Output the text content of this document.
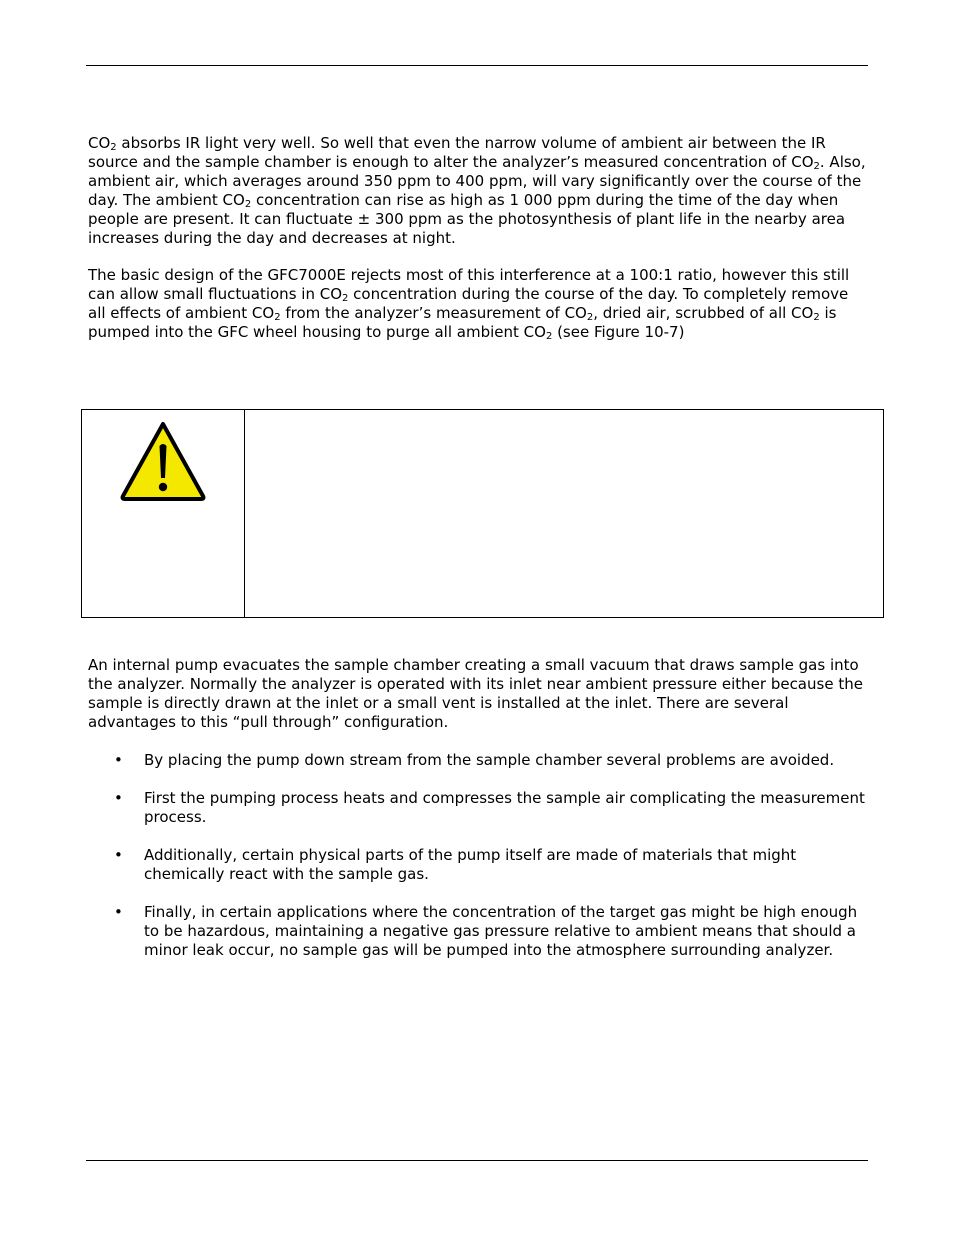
$CO_2$ absorbs IR light very well. So well that even the narrow volume of ambient air between the IR source and the sample chamber is enough to alter the analyzer’s measured concentration of $CO_2$. Also, ambient air, which averages around 350 ppm to 400 ppm, will vary significantly over the course of the day. The ambient $CO_2$ concentration can rise as high as 1 000 ppm during the time of the day when people are present. It can fluctuate ± 300 ppm as the photosynthesis of plant life in the nearby area increases during the day and decreases at night.

The basic design of the GFC7000E rejects most of this interference at a 100:1 ratio, however this still can allow small fluctuations in $CO_2$ concentration during the course of the day. To completely remove all effects of ambient $CO_2$ from the analyzer’s measurement of $CO_2$, dried air, scrubbed of all $CO_2$ is pumped into the GFC wheel housing to purge all ambient $CO_2$ (see Figure 10-7)

An internal pump evacuates the sample chamber creating a small vacuum that draws sample gas into the analyzer. Normally the analyzer is operated with its inlet near ambient pressure either because the sample is directly drawn at the inlet or a small vent is installed at the inlet. There are several advantages to this “pull through” configuration.

• By placing the pump down stream from the sample chamber several problems are avoided.
• First the pumping process heats and compresses the sample air complicating the measurement process.
• Additionally, certain physical parts of the pump itself are made of materials that might chemically react with the sample gas.
• Finally, in certain applications where the concentration of the target gas might be high enough to be hazardous, maintaining a negative gas pressure relative to ambient means that should a minor leak occur, no sample gas will be pumped into the atmosphere surrounding analyzer.
